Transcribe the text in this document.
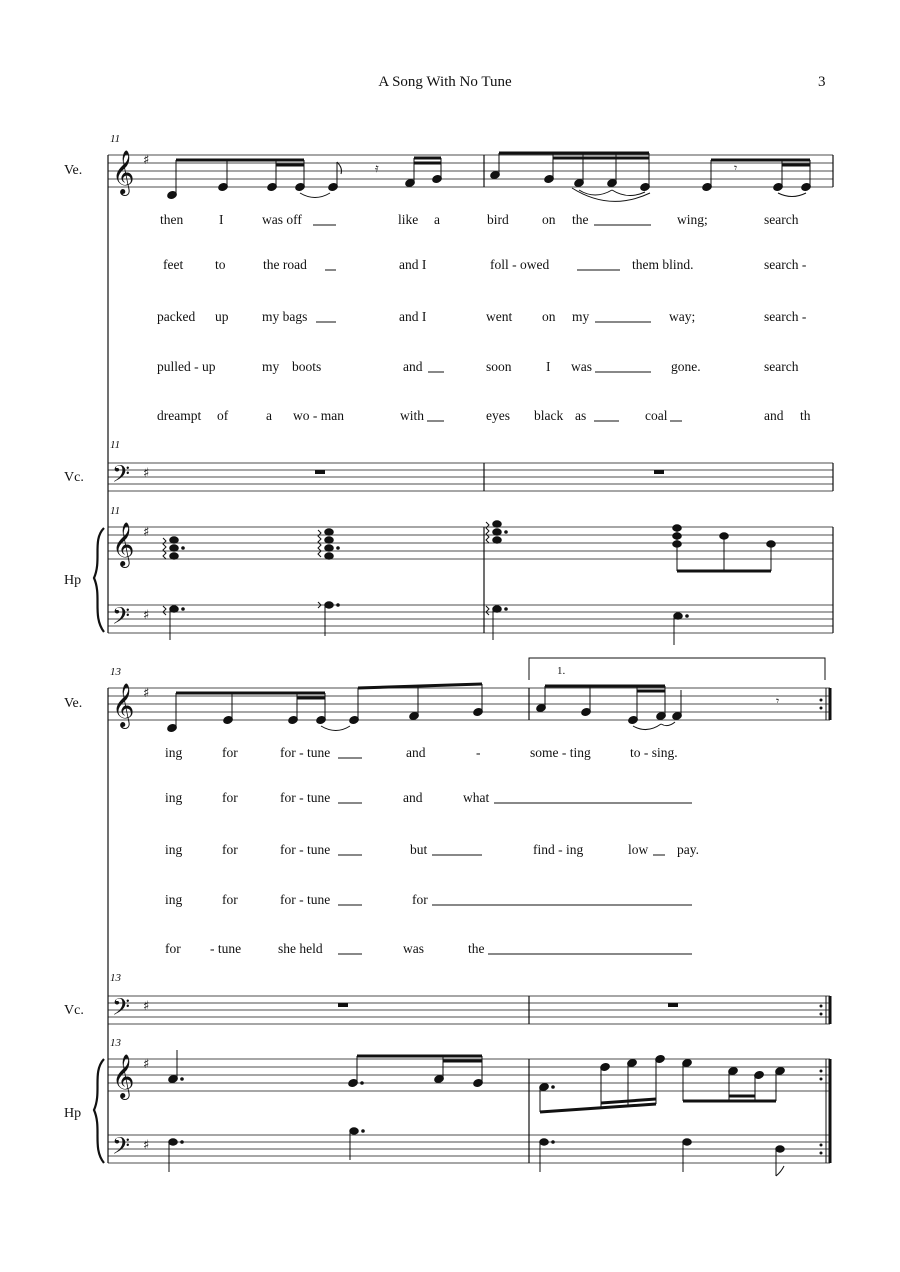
A Song With No Tune	3
Ve.
Vc.
Hp
11
11
11
𝄞 ♯	𝄿	𝄾
then	I	was off	like a	bird on the	wing;	search
feet to	the road	and I	foll - owed	them blind.	search -
packed up my bags	and I	went on my	way;	search -
pulled - up	my boots	and	soon	I was	gone.	search
dreampt of	a wo - man	with	eyes black as	coal	and th
𝄢 ♯
𝄞 ♯
𝄢 ♯
Ve.
Vc.
Hp
13
13
13
1.
𝄞 ♯	𝄾
ing	for	for - tune	and	-	some - ting	to - sing.
ing	for	for - tune	and	what
ing	for	for - tune	but	find - ing	low pay.
ing	for	for - tune	for
for - tune	she held	was	the
𝄢 ♯
𝄞 ♯
𝄢 ♯
